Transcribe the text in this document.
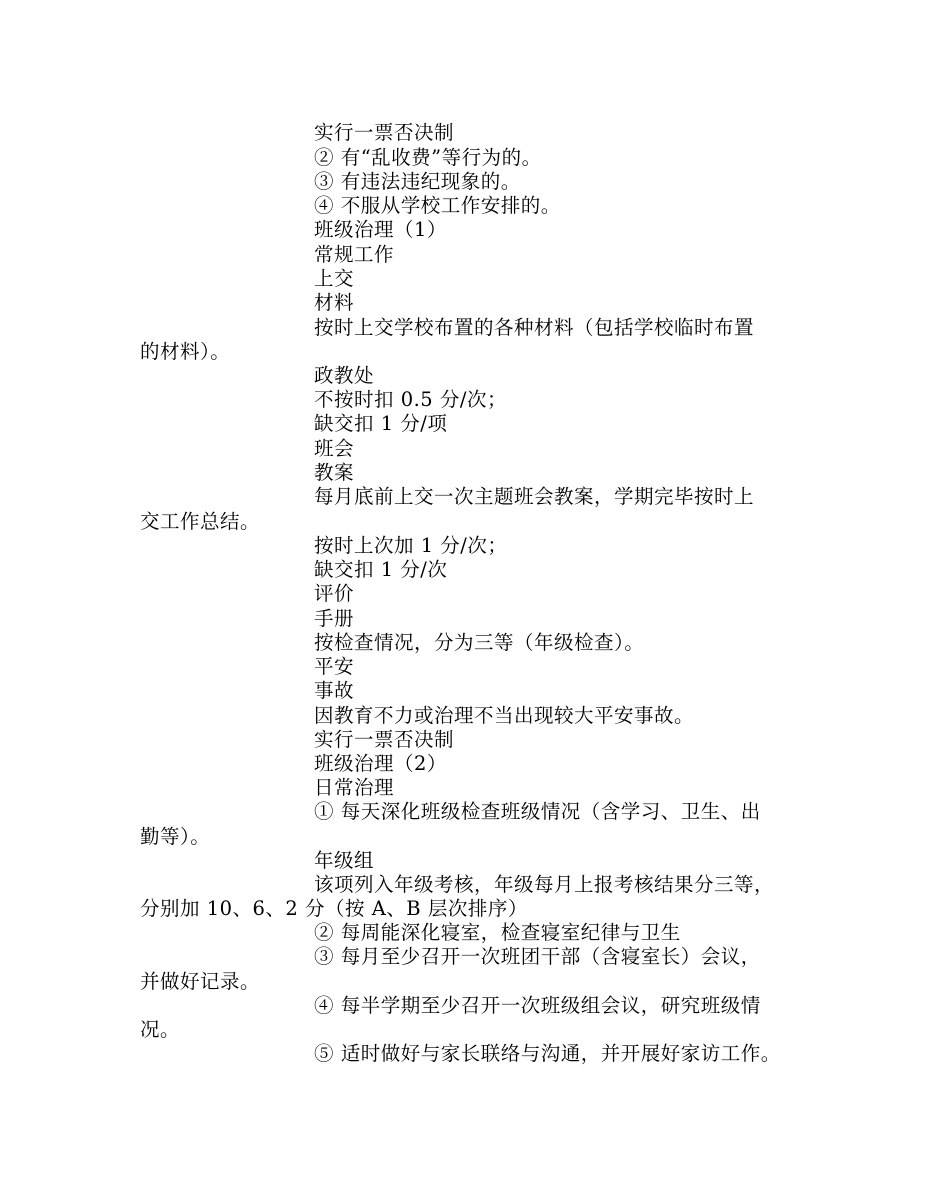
实行一票否决制
② 有“乱收费”等行为的。
③ 有违法违纪现象的。
④ 不服从学校工作安排的。
班级治理（1）
常规工作
上交
材料
按时上交学校布置的各种材料（包括学校临时布置
的材料）。
政教处
不按时扣 0.5 分/次；
缺交扣 1 分/项
班会
教案
每月底前上交一次主题班会教案，学期完毕按时上
交工作总结。
按时上次加 1 分/次；
缺交扣 1 分/次
评价
手册
按检查情况，分为三等（年级检查）。
平安
事故
因教育不力或治理不当出现较大平安事故。
实行一票否决制
班级治理（2）
日常治理
① 每天深化班级检查班级情况（含学习、卫生、出
勤等）。
年级组
该项列入年级考核，年级每月上报考核结果分三等，
分别加 10、6、2 分（按 A、B 层次排序）
② 每周能深化寝室，检查寝室纪律与卫生
③ 每月至少召开一次班团干部（含寝室长）会议，
并做好记录。
④ 每半学期至少召开一次班级组会议，研究班级情
况。
⑤ 适时做好与家长联络与沟通，并开展好家访工作。
